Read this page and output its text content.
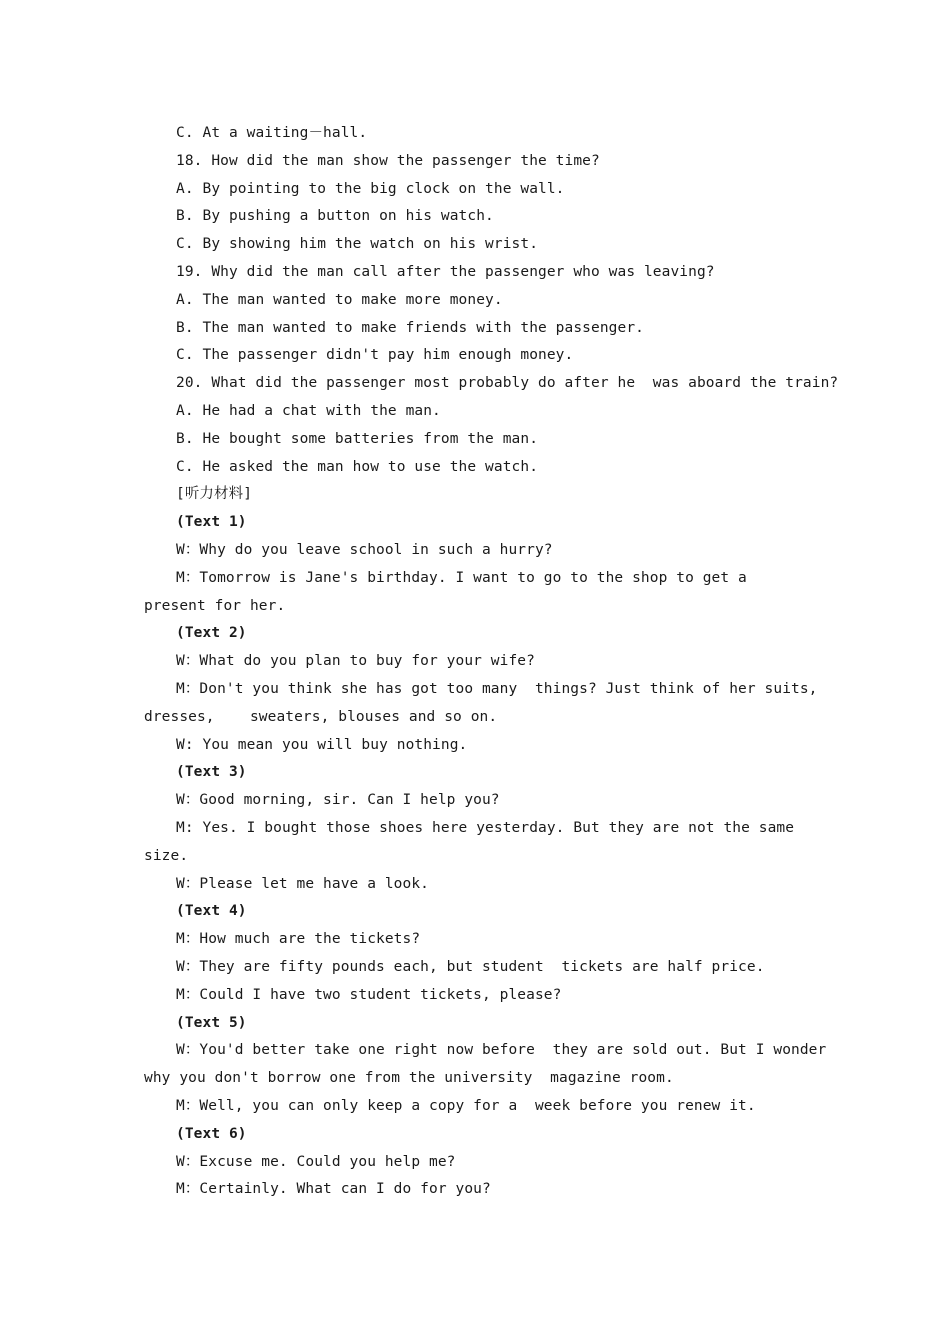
C. At a waiting－hall.
18. How did the man show the passenger the time?
A. By pointing to the big clock on the wall.
B. By pushing a button on his watch.
C. By showing him the watch on his wrist.
19. Why did the man call after the passenger who was leaving?
A. The man wanted to make more money.
B. The man wanted to make friends with the passenger.
C. The passenger didn't pay him enough money.
20. What did the passenger most probably do after he  was aboard the train?
A. He had a chat with the man.
B. He bought some batteries from the man.
C. He asked the man how to use the watch.
[听力材料]
(Text 1)
W：Why do you leave school in such a hurry?
M：Tomorrow is Jane's birthday. I want to go to the shop to get a
present for her.
(Text 2)
W：What do you plan to buy for your wife?
M：Don't you think she has got too many  things? Just think of her suits,
dresses,    sweaters, blouses and so on.
W: You mean you will buy nothing.
(Text 3)
W：Good morning, sir. Can I help you?
M: Yes. I bought those shoes here yesterday. But they are not the same
size.
W：Please let me have a look.
(Text 4)
M：How much are the tickets?
W：They are fifty pounds each, but student  tickets are half price.
M：Could I have two student tickets, please?
(Text 5)
W：You'd better take one right now before  they are sold out. But I wonder
why you don't borrow one from the university  magazine room.
M：Well, you can only keep a copy for a  week before you renew it.
(Text 6)
W：Excuse me. Could you help me?
M：Certainly. What can I do for you?
